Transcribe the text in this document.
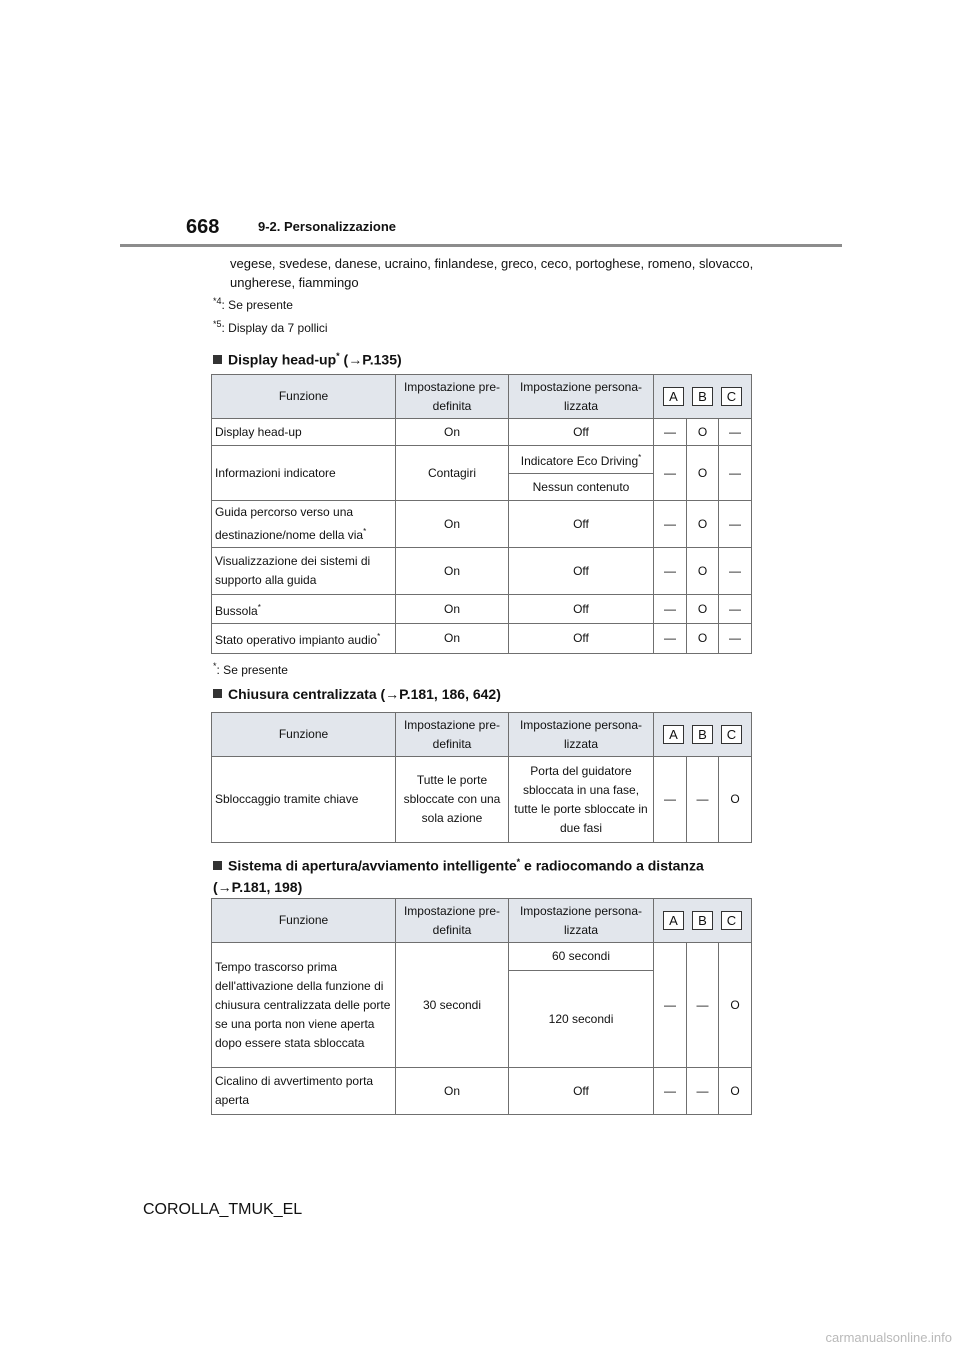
668	9-2. Personalizzazione
vegese, svedese, danese, ucraino, finlandese, greco, ceco, portoghese, romeno, slovacco, ungherese, fiammingo
$^{*4}$: Se presente
$^{*5}$: Display da 7 pollici
Display head-up* (→P.135)
Funzione	Impostazione pre-definita	Impostazione persona-lizzata	A B C		

Display head-up	On	Off	—	O	—
Informazioni indicatore	Contagiri	Indicatore Eco Driving*	—	O	—
		Nessun contenuto			
Guida percorso verso una destinazione/nome della via*	On	Off	—	O	—
Visualizzazione dei sistemi di supporto alla guida	On	Off	—	O	—
Bussola*	On	Off	—	O	—
Stato operativo impianto audio*	On	Off	—	O	—
*: Se presente
Chiusura centralizzata (→P.181, 186, 642)
Funzione	Impostazione pre-definita	Impostazione persona-lizzata	A B C		

Sbloccaggio tramite chiave	Tutte le porte sbloccate con una sola azione	Porta del guidatore sbloccata in una fase, tutte le porte sbloccate in due fasi	—	—	O
Sistema di apertura/avviamento intelligente* e radiocomando a distanza
(→P.181, 198)
Funzione	Impostazione pre-definita	Impostazione persona-lizzata	A B C		

Tempo trascorso prima dell'attivazione della funzione di chiusura centralizzata delle porte se una porta non viene aperta dopo essere stata sbloccata	30 secondi	60 secondi	—	—	O
		120 secondi			
Cicalino di avvertimento porta aperta	On	Off	—	—	O
COROLLA_TMUK_EL
carmanualsonline.info
